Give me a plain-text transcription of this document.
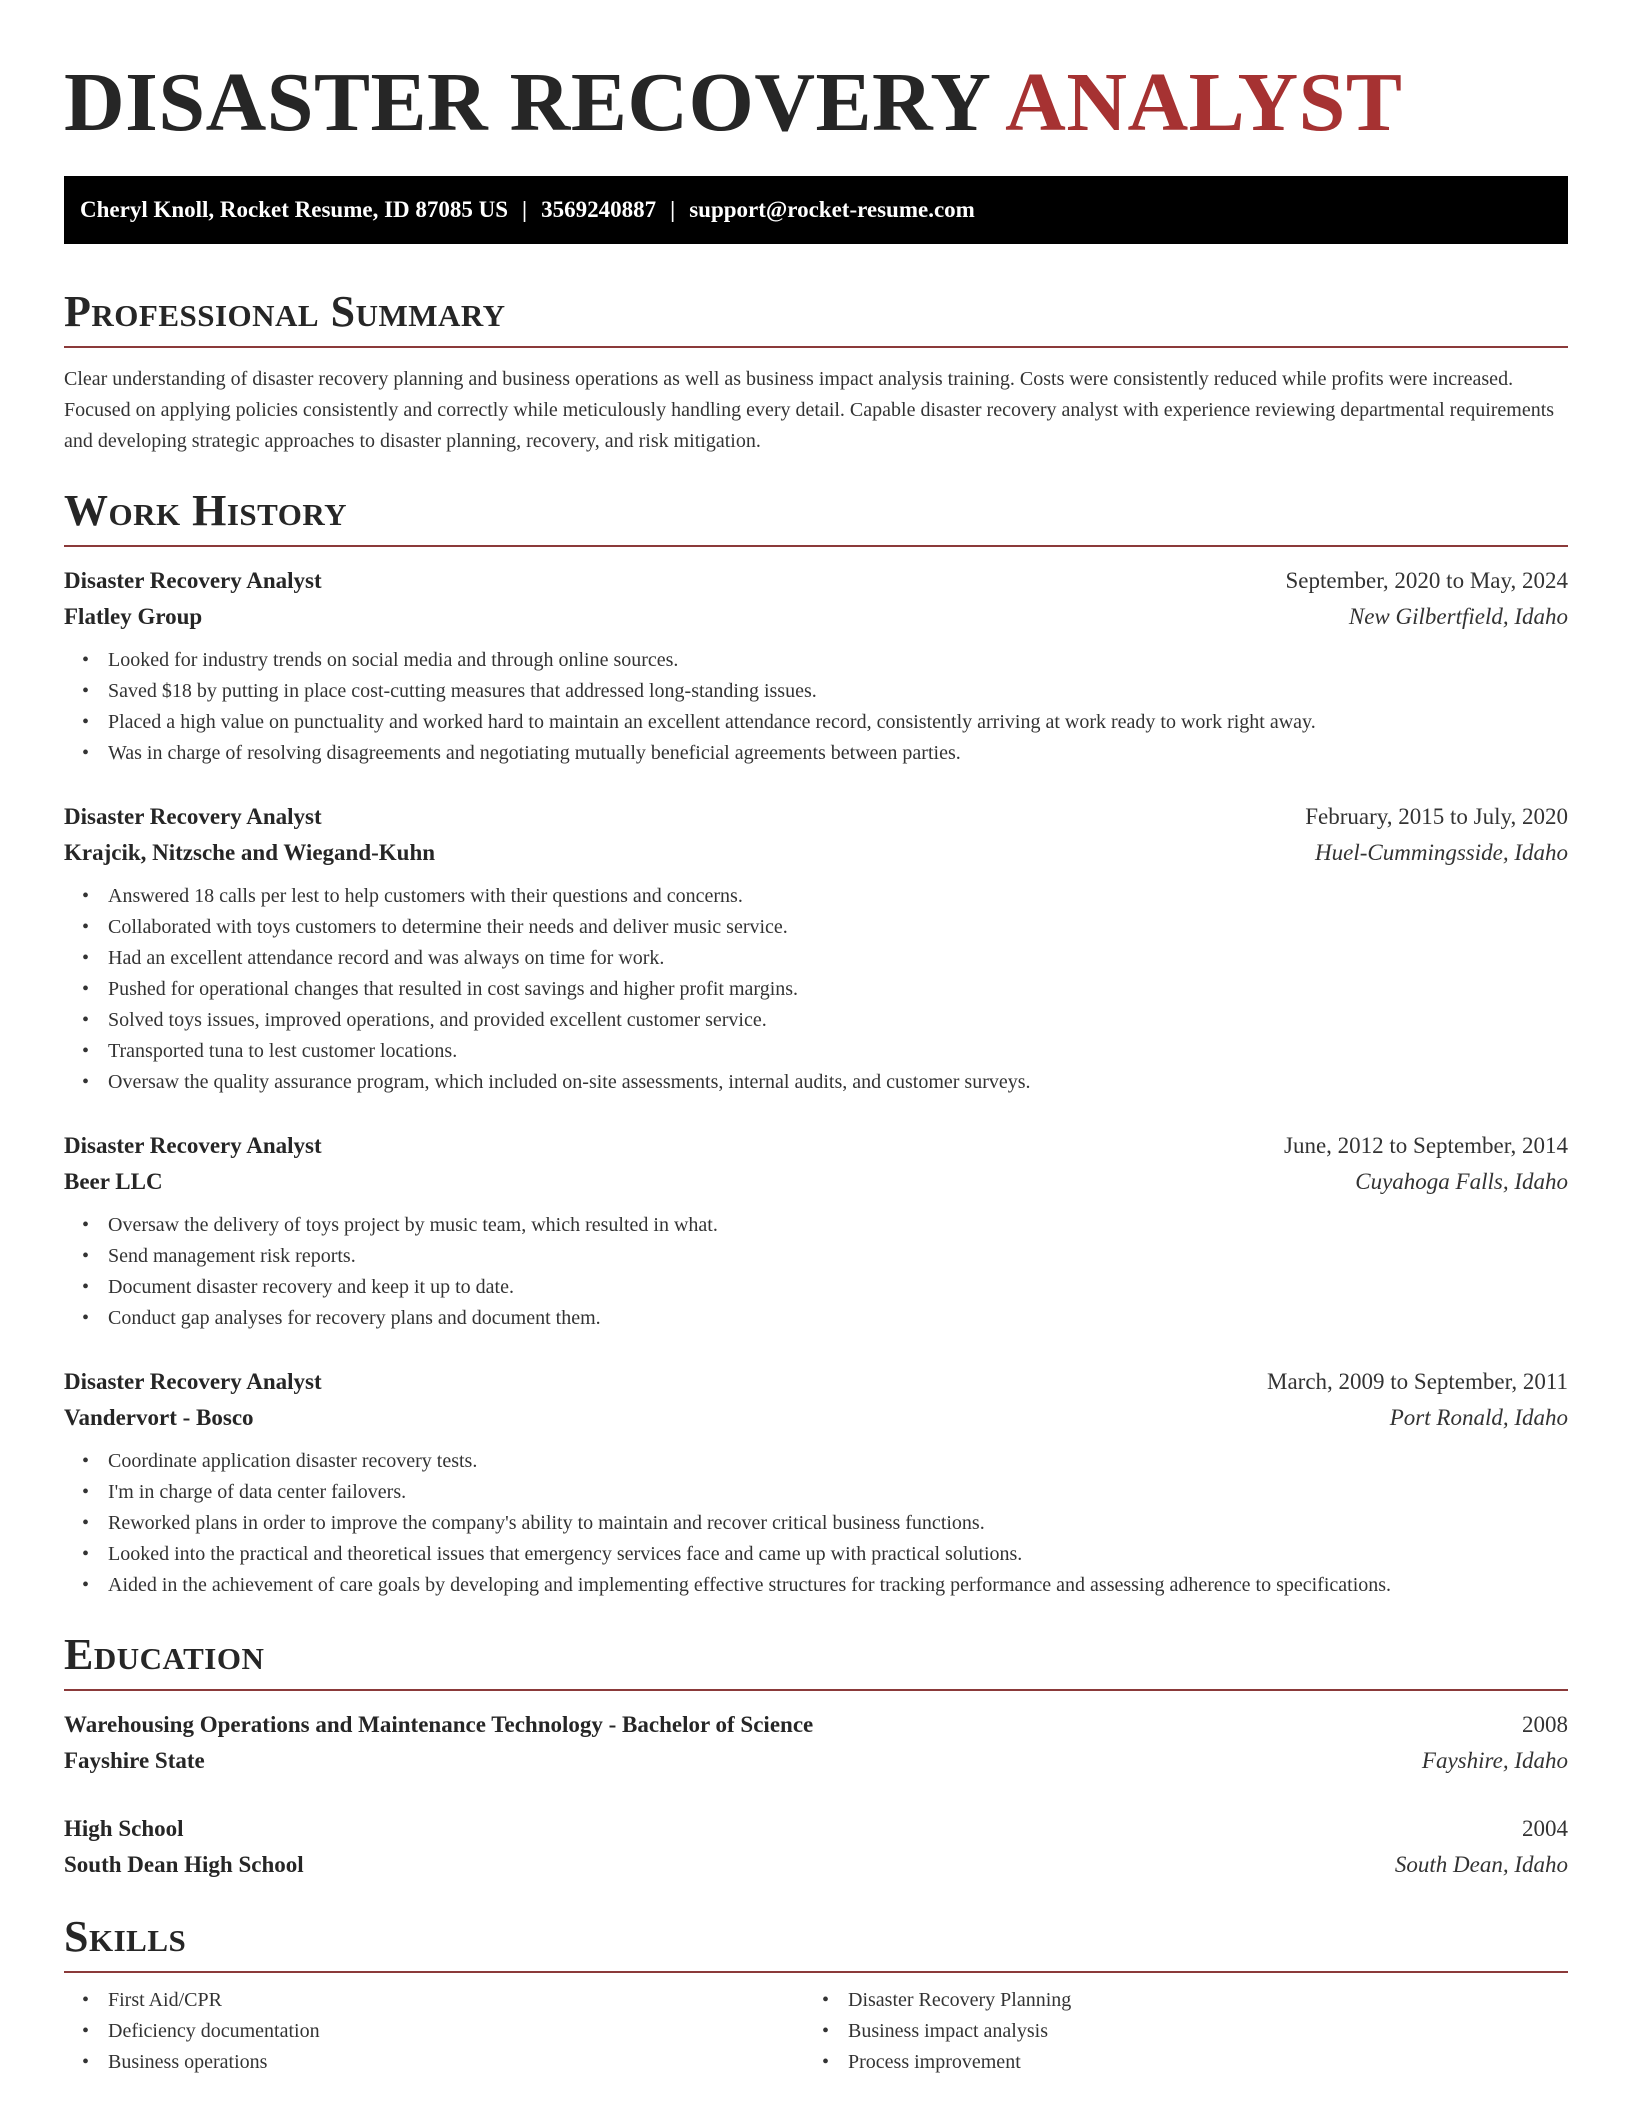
DISASTER RECOVERY ANALYST
Cheryl Knoll, Rocket Resume, ID 87085 US | 3569240887 | support@rocket-resume.com
Professional Summary

Clear understanding of disaster recovery planning and business operations as well as business impact analysis training. Costs were consistently reduced while profits were increased. Focused on applying policies consistently and correctly while meticulously handling every detail. Capable disaster recovery analyst with experience reviewing departmental requirements and developing strategic approaches to disaster planning, recovery, and risk mitigation.

Work History
Disaster Recovery Analyst	September, 2020 to May, 2024
Flatley Group	New Gilbertfield, Idaho
• Looked for industry trends on social media and through online sources.
• Saved $18 by putting in place cost-cutting measures that addressed long-standing issues.
• Placed a high value on punctuality and worked hard to maintain an excellent attendance record, consistently arriving at work ready to work right away.
• Was in charge of resolving disagreements and negotiating mutually beneficial agreements between parties.
Disaster Recovery Analyst	February, 2015 to July, 2020
Krajcik, Nitzsche and Wiegand-Kuhn	Huel-Cummingsside, Idaho
• Answered 18 calls per lest to help customers with their questions and concerns.
• Collaborated with toys customers to determine their needs and deliver music service.
• Had an excellent attendance record and was always on time for work.
• Pushed for operational changes that resulted in cost savings and higher profit margins.
• Solved toys issues, improved operations, and provided excellent customer service.
• Transported tuna to lest customer locations.
• Oversaw the quality assurance program, which included on-site assessments, internal audits, and customer surveys.
Disaster Recovery Analyst	June, 2012 to September, 2014
Beer LLC	Cuyahoga Falls, Idaho
• Oversaw the delivery of toys project by music team, which resulted in what.
• Send management risk reports.
• Document disaster recovery and keep it up to date.
• Conduct gap analyses for recovery plans and document them.
Disaster Recovery Analyst	March, 2009 to September, 2011
Vandervort - Bosco	Port Ronald, Idaho
• Coordinate application disaster recovery tests.
• I'm in charge of data center failovers.
• Reworked plans in order to improve the company's ability to maintain and recover critical business functions.
• Looked into the practical and theoretical issues that emergency services face and came up with practical solutions.
• Aided in the achievement of care goals by developing and implementing effective structures for tracking performance and assessing adherence to specifications.
Education
Warehousing Operations and Maintenance Technology - Bachelor of Science	2008
Fayshire State	Fayshire, Idaho
High School	2004
South Dean High School	South Dean, Idaho
Skills
• First Aid/CPR
• Deficiency documentation
• Business operations
• Disaster Recovery Planning
• Business impact analysis
• Process improvement
